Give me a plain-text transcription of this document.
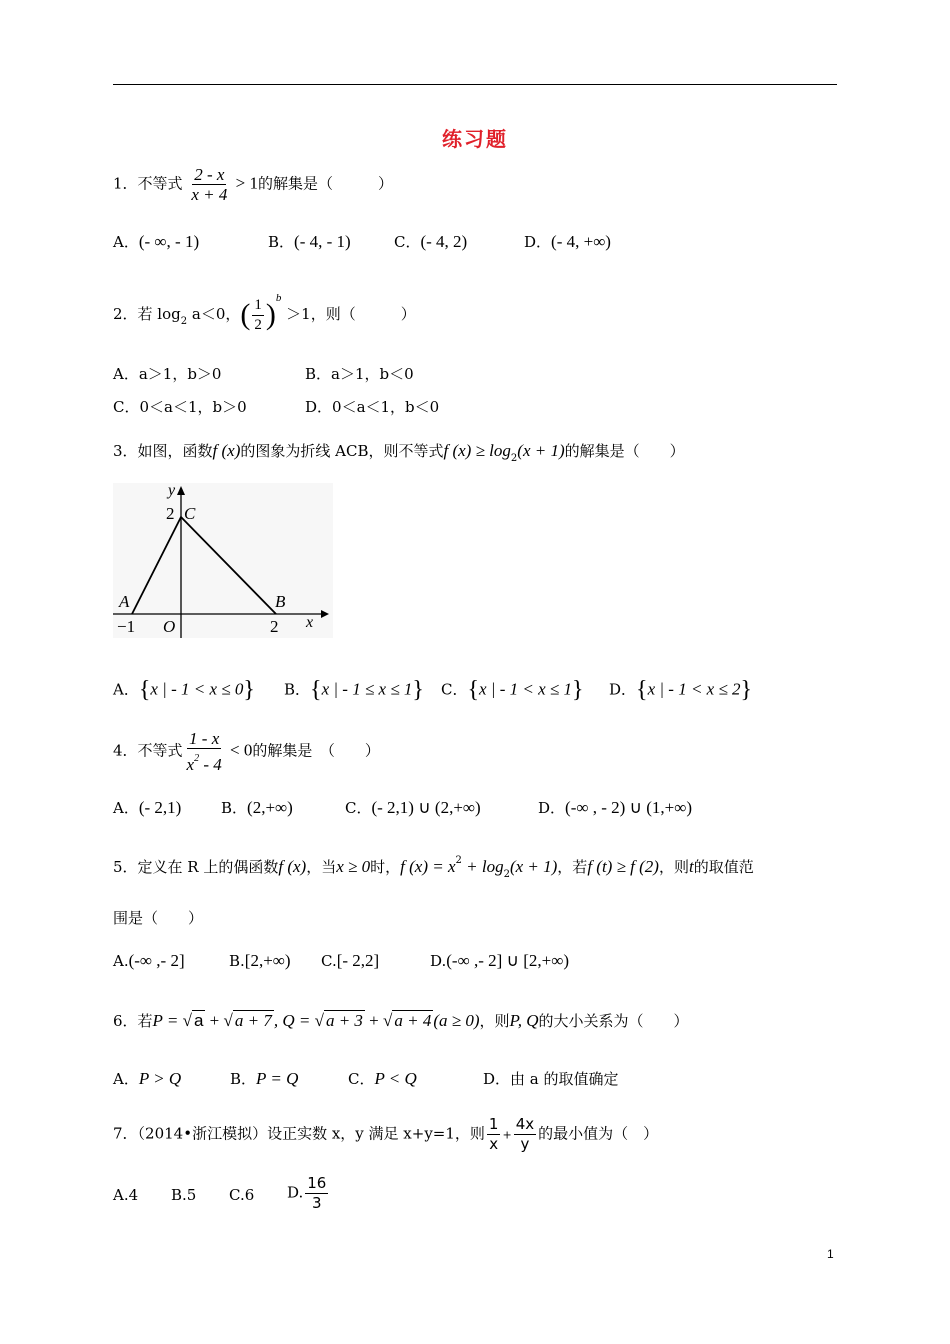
练习题
1．不等式 $\frac{2 - x}{x + 4} > 1$的解集是（　　　）
A．(- ∞, - 1)	B．(- 4, - 1)	C．(- 4, 2)	D．(- 4, +∞)
2．若 $\log_2 a<0$，( $\frac{1}{2} )^b >1$，则（　　　）
A．a＞1，b＞0	B．a＞1，b＜0
C．0＜a＜1，b＞0	D．0＜a＜1，b＜0
3．如图，函数f (x)的图象为折线 ACB，则不等式f $(x) \ge \log_2(x + 1)$的解集是（　　）
y
2 C
A	B
−1 O	2 x
A．{x | - 1 < x ≤ 0} B．{x | - 1 ≤ x ≤ 1} C．{x | - 1 < x ≤ 1} D．{x | - 1 < x ≤ 2}
4．不等式 $\frac{1 - x}{x^2 - 4} < 0$的解集是　（　　）
A．(- 2,1)	B．(2,+∞)	C．(- 2,1) ∪ (2,+∞)	D．(-∞ , - 2) ∪ (1,+∞)
5．定义在 R 上的偶函数f (x)，当x ≥ 0时，f $(x) = x^2 + \log_2(x + 1)$，若f (t) ≥ f (2)，则t的取值范
围是（　　）
A.(-∞ ,- 2]	B.[2,+∞) C.[- 2,2]	D.(-∞ ,- 2] ∪ [2,+∞)
6．若P = √ a + √ a + 7 , Q = √ a + 3 + √ a + 4 (a ≥ 0)，则P, Q的大小关系为（　　）
A．P > Q	B．P = Q	C．P < Q	D．由 a 的取值确定
7．（2014•浙江模拟）设正实数 x，y 满足 x+y=1，则 $\frac{1}{x} + \frac{4x}{y}$ 的最小值为（　）
A.4 B.5 C.6 D. $\frac{16}{3}$
1
